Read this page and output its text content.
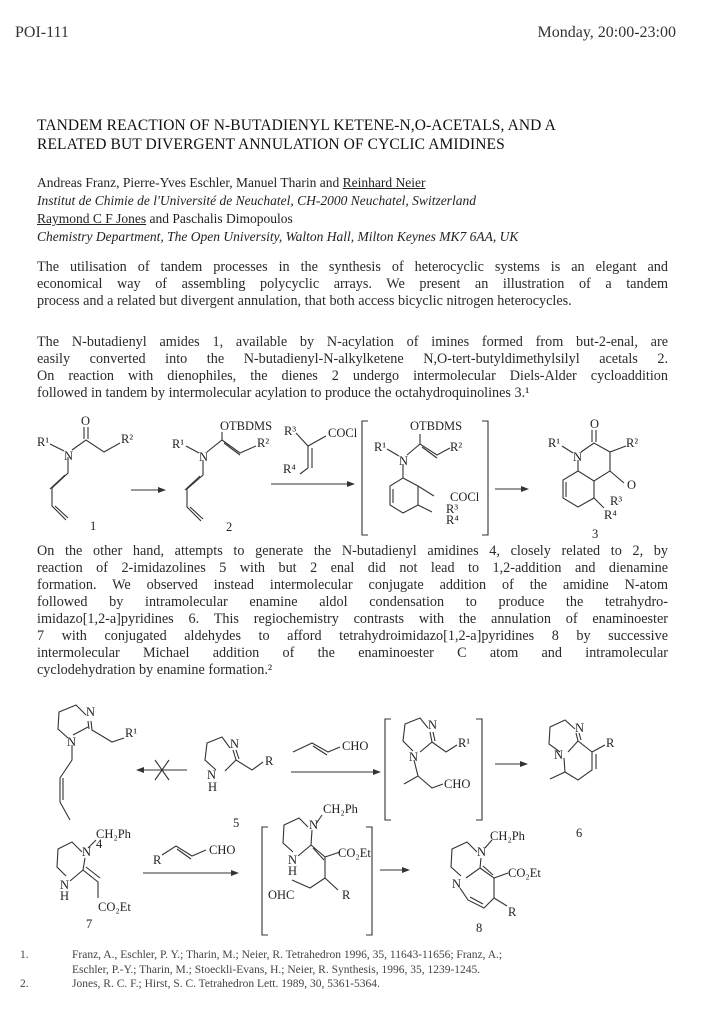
POI-111	Monday, 20:00-23:00
TANDEM REACTION OF N-BUTADIENYL KETENE-N,O-ACETALS, AND A
RELATED BUT DIVERGENT ANNULATION OF CYCLIC AMIDINES
Andreas Franz, Pierre-Yves Eschler, Manuel Tharin and Reinhard Neier
Institut de Chimie de l'Université de Neuchatel, CH-2000 Neuchatel, Switzerland
Raymond C F Jones and Paschalis Dimopoulos
Chemistry Department, The Open University, Walton Hall, Milton Keynes MK7 6AA, UK
The utilisation of tandem processes in the synthesis of heterocyclic systems is an elegant and
economical way of assembling polycyclic arrays. We present an illustration of a tandem
process and a related but divergent annulation, that both access bicyclic nitrogen heterocycles.
The N-butadienyl amides 1, available by N-acylation of imines formed from but-2-enal, are
easily converted into the N-butadienyl-N-alkylketene N,O-tert-butyldimethylsilyl acetals 2.
On reaction with dienophiles, the dienes 2 undergo intermolecular Diels-Alder cycloaddition
followed in tandem by intermolecular acylation to produce the octahydroquinolines 3.¹
On the other hand, attempts to generate the N-butadienyl amidines 4, closely related to 2, by
reaction of 2-imidazolines 5 with but 2 enal did not lead to 1,2-addition and dienamine
formation. We observed instead intermolecular conjugate addition of the amidine N-atom
followed by intramolecular enamine aldol condensation to produce the tetrahydro-
imidazo[1,2-a]pyridines 6. This regiochemistry contrasts with the annulation of enaminoester
7 with conjugated aldehydes to afford tetrahydroimidazo[1,2-a]pyridines 8 by successive
intermolecular Michael addition of the enaminoester C atom and intramolecular
cyclodehydration by enamine formation.²
O
R¹
N
R²
1
OTBDMS
R¹
N
R²
2
R³	COCl
R⁴
OTBDMS
R¹
N
R²
COCl
R³
R⁴
O
R¹
N
R²
O
R³
R⁴
3
N
R¹
N
4
N
R
N
H
5
CHO
N
R¹
N
CHO
N
R
N
6
CH₂Ph
N
N
H
CO₂Et
7
R
CHO
CH₂Ph
N
CO₂Et
N
H
OHC	R
CH₂Ph
N
CO₂Et
N
R
8
1.	Franz, A., Eschler, P. Y.; Tharin, M.; Neier, R. Tetrahedron 1996, 35, 11643-11656; Franz, A.;
Eschler, P.-Y.; Tharin, M.; Stoeckli-Evans, H.; Neier, R. Synthesis, 1996, 35, 1239-1245.
2.	Jones, R. C. F.; Hirst, S. C. Tetrahedron Lett. 1989, 30, 5361-5364.
